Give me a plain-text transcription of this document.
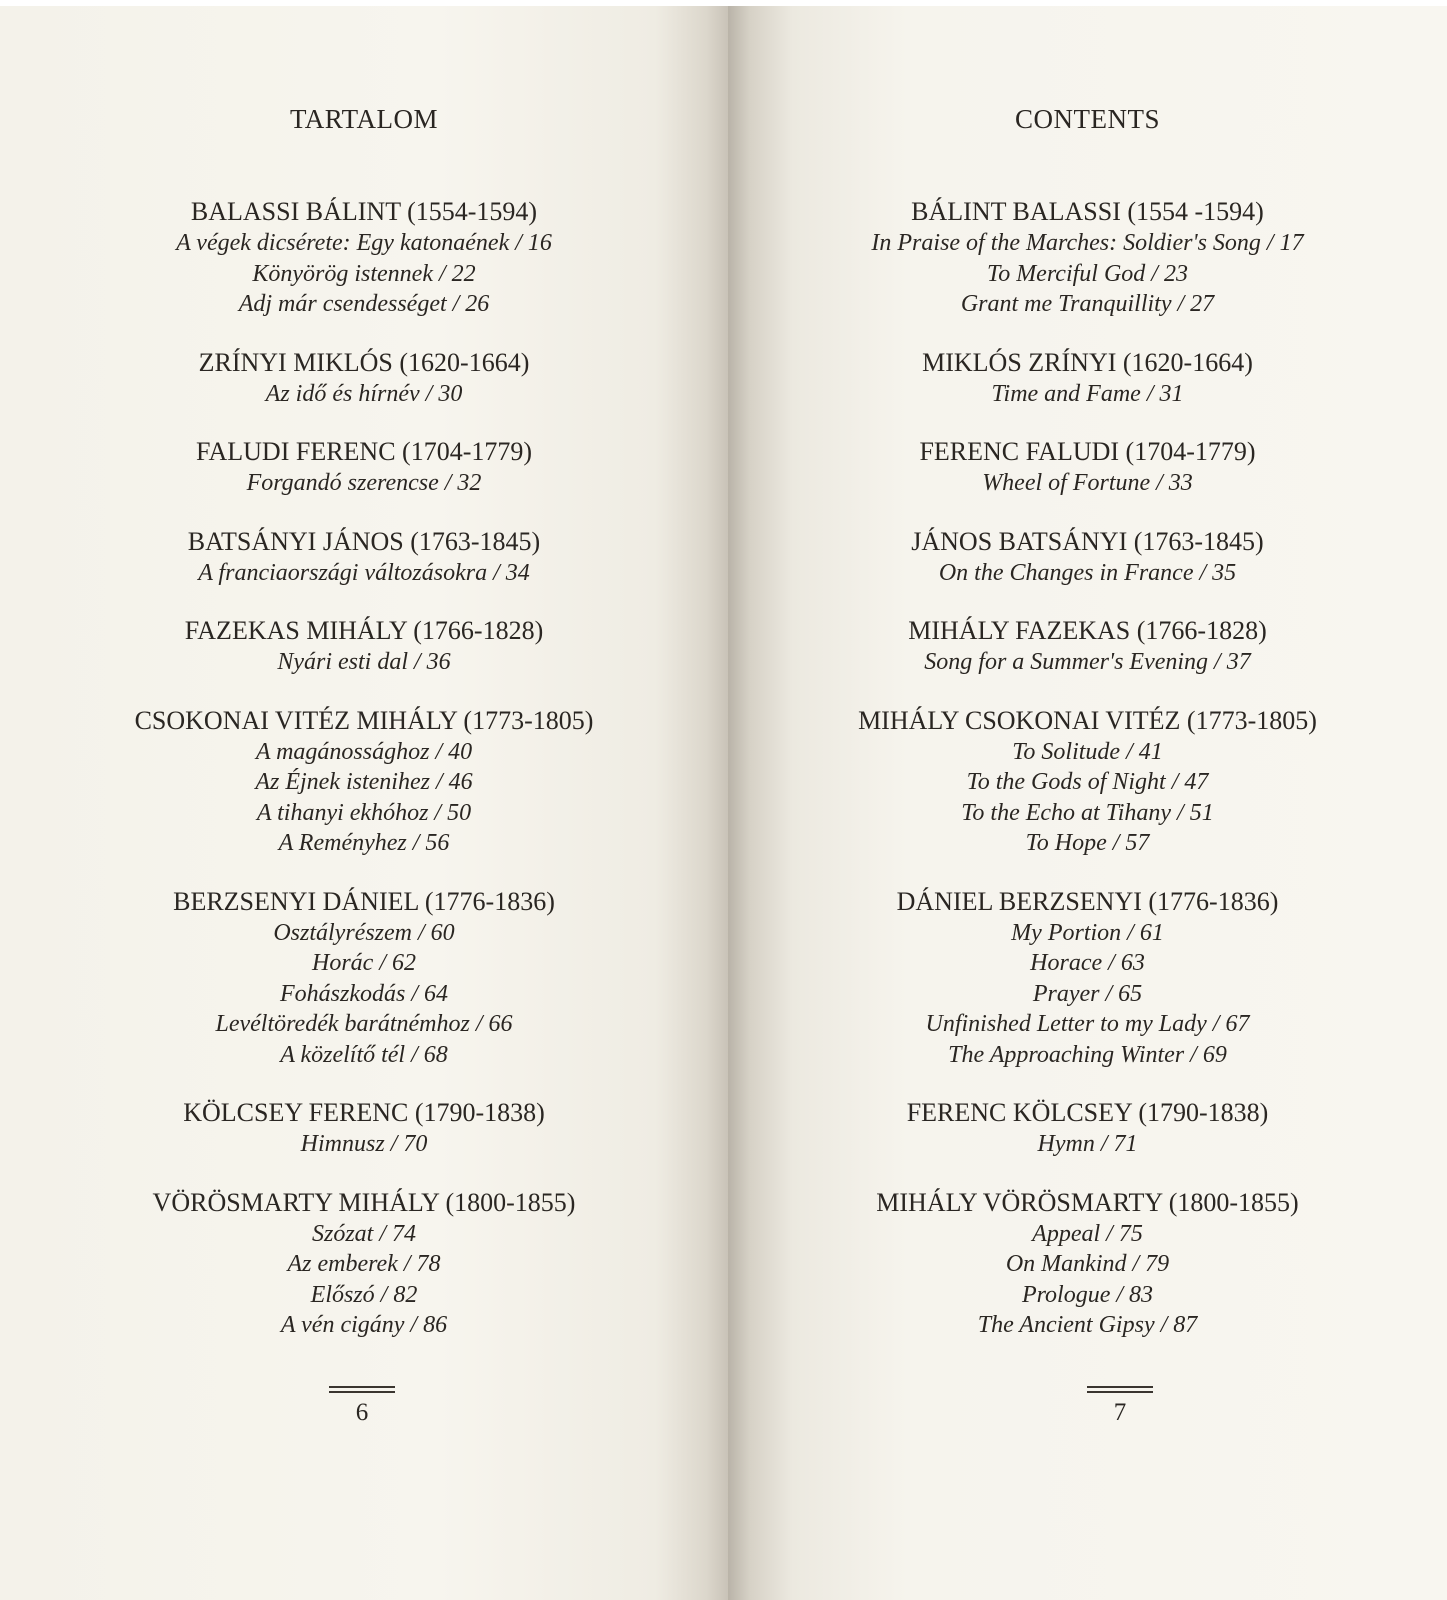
TARTALOM
BALASSI BÁLINT (1554-1594)
A végek dicsérete: Egy katonaének / 16
Könyörög istennek / 22
Adj már csendességet / 26
ZRÍNYI MIKLÓS (1620-1664)
Az idő és hírnév / 30
FALUDI FERENC (1704-1779)
Forgandó szerencse / 32
BATSÁNYI JÁNOS (1763-1845)
A franciaországi változásokra / 34
FAZEKAS MIHÁLY (1766-1828)
Nyári esti dal / 36
CSOKONAI VITÉZ MIHÁLY (1773-1805)
A magánossághoz / 40
Az Éjnek istenihez / 46
A tihanyi ekhóhoz / 50
A Reményhez / 56
BERZSENYI DÁNIEL (1776-1836)
Osztályrészem / 60
Horác / 62
Fohászkodás / 64
Levéltöredék barátnémhoz / 66
A közelítő tél / 68
KÖLCSEY FERENC (1790-1838)
Himnusz / 70
VÖRÖSMARTY MIHÁLY (1800-1855)
Szózat / 74
Az emberek / 78
Előszó / 82
A vén cigány / 86
6
CONTENTS
BÁLINT BALASSI (1554 -1594)
In Praise of the Marches: Soldier's Song / 17
To Merciful God / 23
Grant me Tranquillity / 27
MIKLÓS ZRÍNYI (1620-1664)
Time and Fame / 31
FERENC FALUDI (1704-1779)
Wheel of Fortune / 33
JÁNOS BATSÁNYI (1763-1845)
On the Changes in France / 35
MIHÁLY FAZEKAS (1766-1828)
Song for a Summer's Evening / 37
MIHÁLY CSOKONAI VITÉZ (1773-1805)
To Solitude / 41
To the Gods of Night / 47
To the Echo at Tihany / 51
To Hope / 57
DÁNIEL BERZSENYI (1776-1836)
My Portion / 61
Horace / 63
Prayer / 65
Unfinished Letter to my Lady / 67
The Approaching Winter / 69
FERENC KÖLCSEY (1790-1838)
Hymn / 71
MIHÁLY VÖRÖSMARTY (1800-1855)
Appeal / 75
On Mankind / 79
Prologue / 83
The Ancient Gipsy / 87
7
